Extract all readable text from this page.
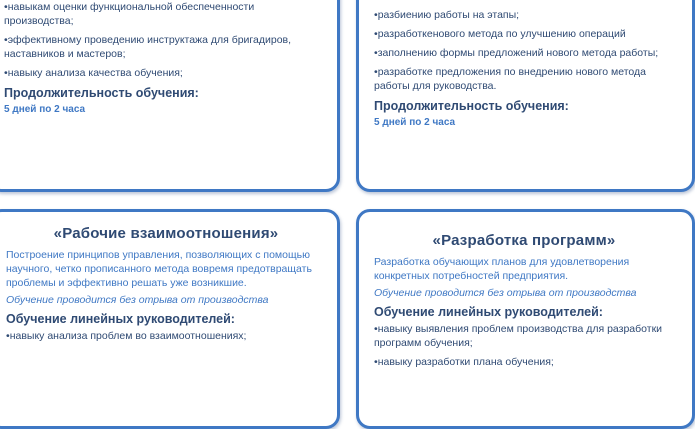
• навыкам оценки функциональной обеспеченности производства;
• эффективному проведению инструктажа для бригадиров, наставников и мастеров;
• навыку анализа качества обучения;
Продолжительность обучения:
5 дней по 2 часа
• разбиению работы на этапы;
• разработкенового метода по улучшению операций
• заполнению формы предложений нового метода работы;
• разработке предложения по внедрению нового метода работы для руководства.
Продолжительность обучения:
5 дней по 2 часа
«Рабочие взаимоотношения»

Построение принципов управления, позволяющих с помощью научного, четко прописанного метода вовремя предотвращать проблемы и эффективно решать уже возникшие.

Обучение проводится без отрыва от производства

Обучение линейных руководителей:
• навыку анализа проблем во взаимоотношениях;
«Разработка программ»

Разработка обучающих планов для удовлетворения конкретных потребностей предприятия.

Обучение проводится без отрыва от производства

Обучение линейных руководителей:
• навыку выявления проблем производства для разработки программ обучения;
• навыку разработки плана обучения;
